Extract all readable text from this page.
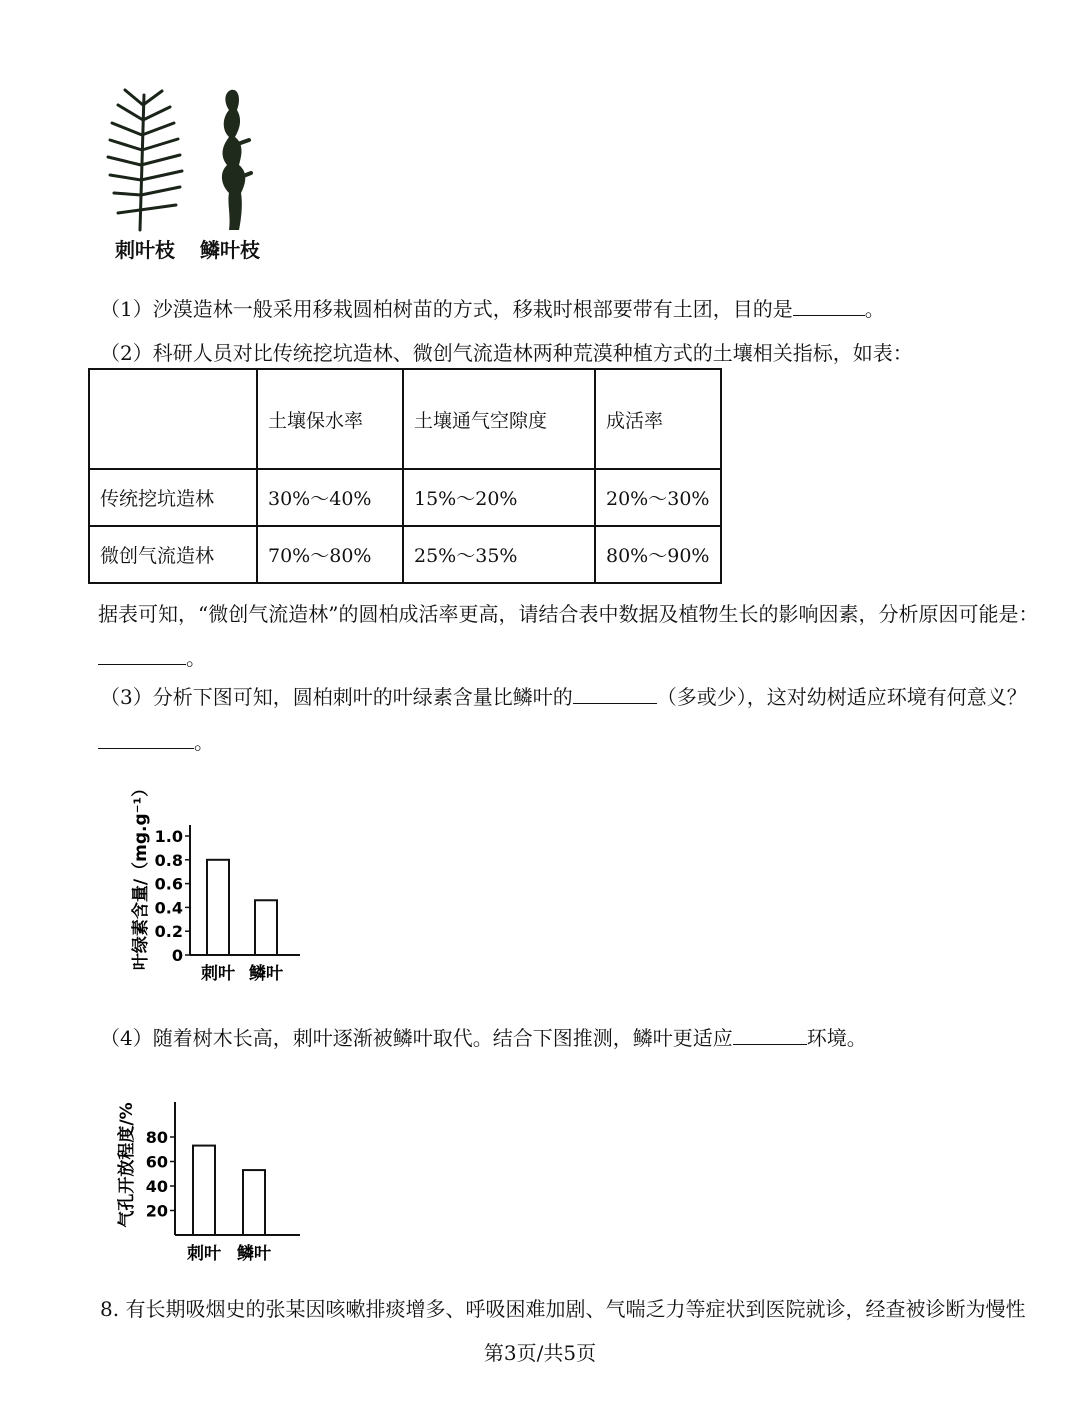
刺叶枝 鳞叶枝
（1）沙漠造林一般采用移栽圆柏树苗的方式，移栽时根部要带有土团，目的是	。
（2）科研人员对比传统挖坑造林、微创气流造林两种荒漠种植方式的土壤相关指标，如表：
	土壤保水率	土壤通气空隙度	成活率
传统挖坑造林	30%～40%	15%～20%	20%～30%
微创气流造林	70%～80%	25%～35%	80%～90%
据表可知，“微创气流造林”的圆柏成活率更高，请结合表中数据及植物生长的影响因素，分析原因可能是：
。
（3）分析下图可知，圆柏刺叶的叶绿素含量比鳞叶的	（多或少），这对幼树适应环境有何意义？
。
0
0.2
0.4
0.6
0.8
1.0
刺叶 鳞叶
叶绿素含量/（mg.g⁻¹）
（4）随着树木长高，刺叶逐渐被鳞叶取代。结合下图推测，鳞叶更适应	环境。
20
40
60
80
刺叶 鳞叶
气孔开放程度/%
8. 有长期吸烟史的张某因咳嗽排痰增多、呼吸困难加剧、气喘乏力等症状到医院就诊，经查被诊断为慢性
第3页/共5页
